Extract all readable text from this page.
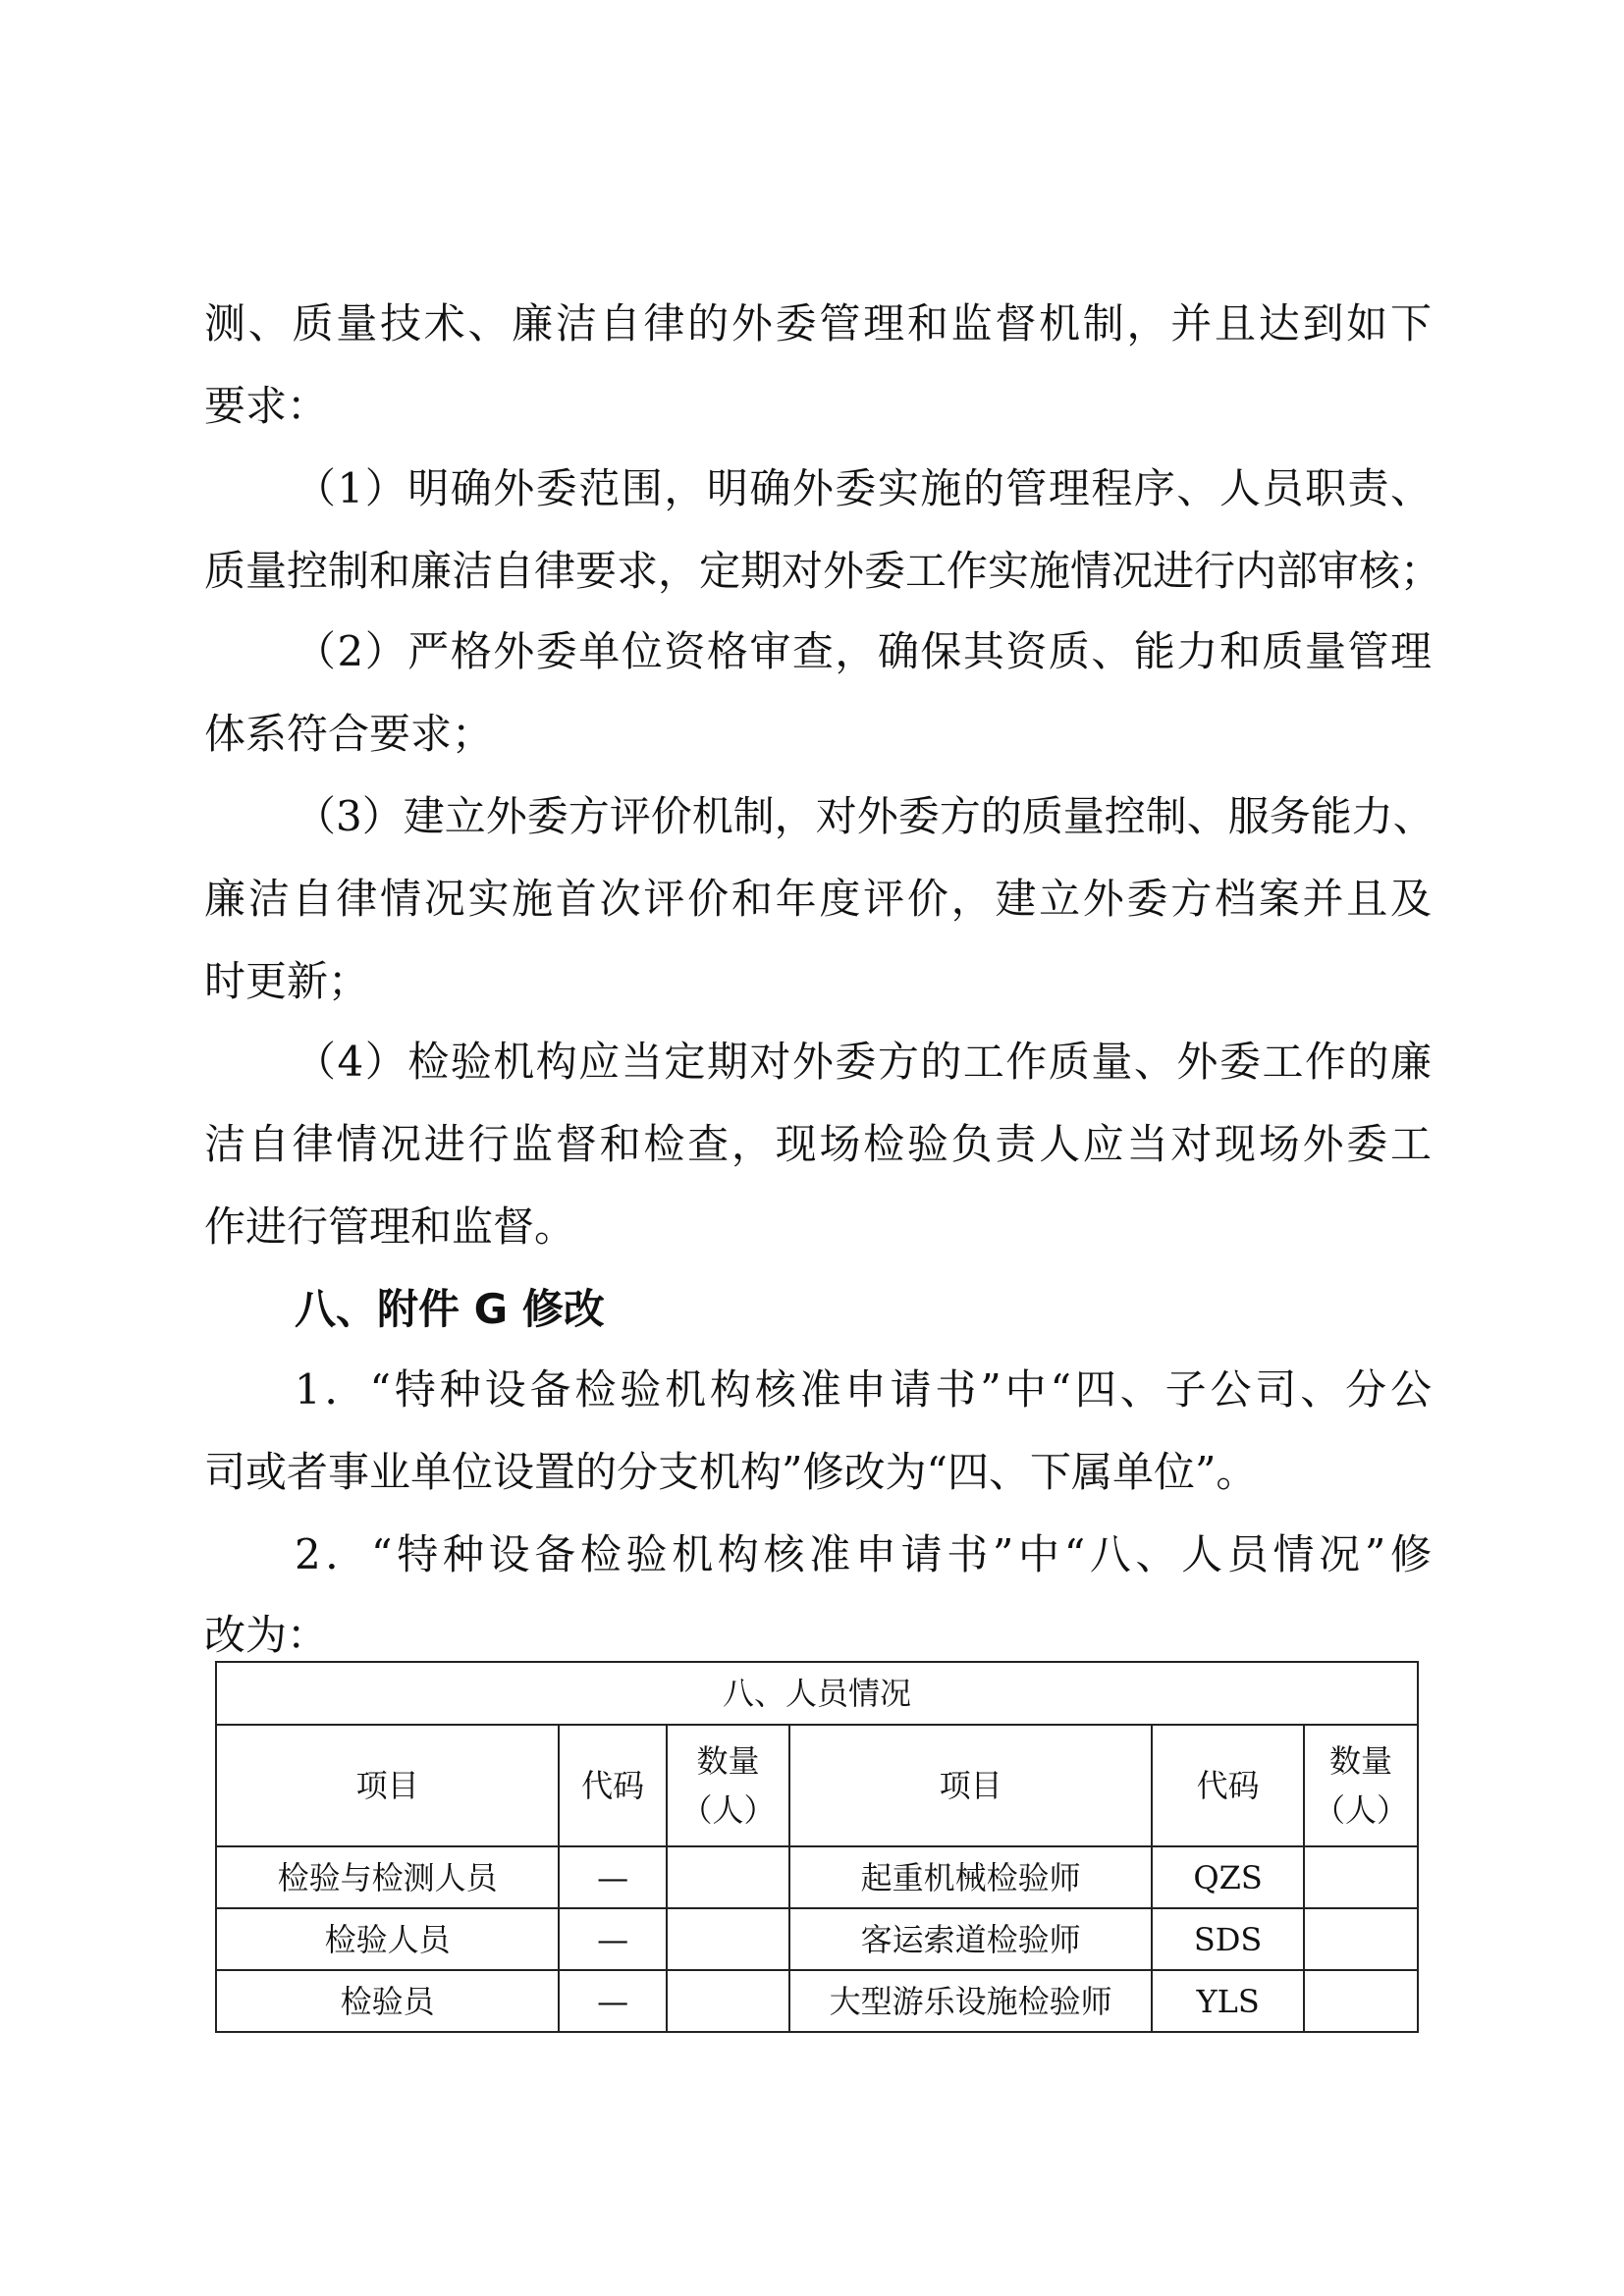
测、质量技术、廉洁自律的外委管理和监督机制，并且达到如下
要求：
（1）明确外委范围，明确外委实施的管理程序、人员职责、
质量控制和廉洁自律要求，定期对外委工作实施情况进行内部审核；
（2）严格外委单位资格审查，确保其资质、能力和质量管理
体系符合要求；
（3）建立外委方评价机制，对外委方的质量控制、服务能力、
廉洁自律情况实施首次评价和年度评价，建立外委方档案并且及
时更新；
（4）检验机构应当定期对外委方的工作质量、外委工作的廉
洁自律情况进行监督和检查，现场检验负责人应当对现场外委工
作进行管理和监督。
八、附件 G 修改
1．“特种设备检验机构核准申请书”中“四、子公司、分公
司或者事业单位设置的分支机构”修改为“四、下属单位”。
2．“特种设备检验机构核准申请书”中“八、人员情况”修
改为：
八、人员情况					
项目	代码	数量
（人）	项目	代码	数量
（人）
检验与检测人员	—		起重机械检验师	QZS	
检验人员	—		客运索道检验师	SDS	
检验员	—		大型游乐设施检验师	YLS	
